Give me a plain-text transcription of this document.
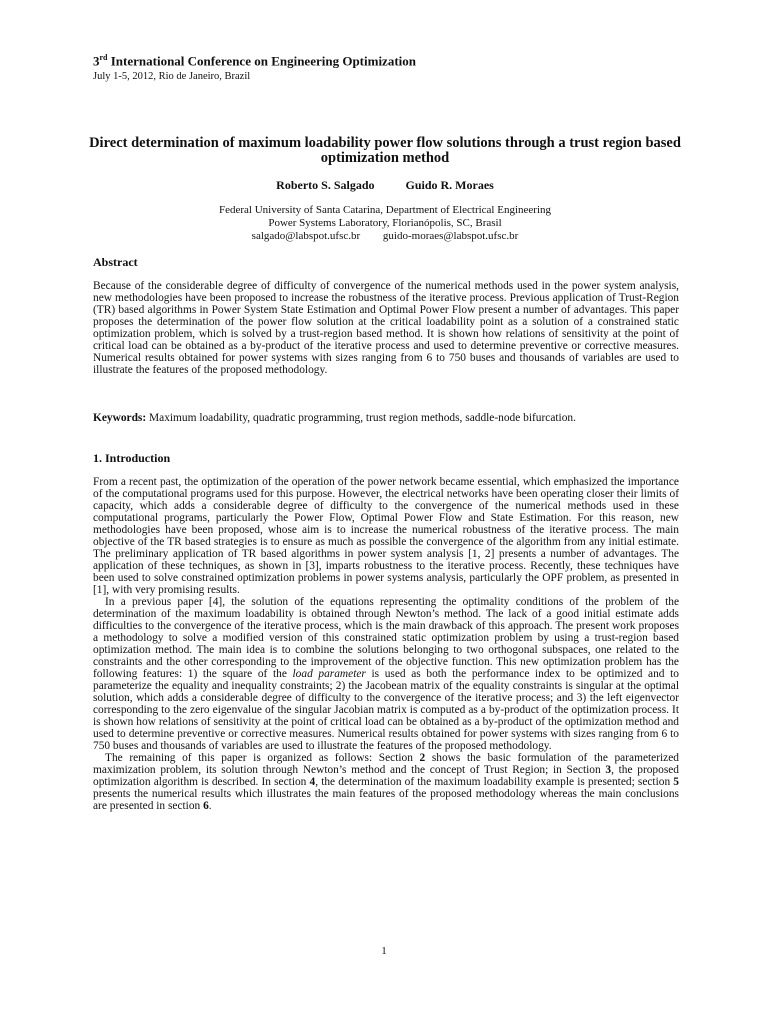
3rd International Conference on Engineering Optimization
July 1-5, 2012, Rio de Janeiro, Brazil
Direct determination of maximum loadability power flow solutions through a trust region based optimization method
Roberto S. Salgado	Guido R. Moraes
Federal University of Santa Catarina, Department of Electrical Engineering
Power Systems Laboratory, Florianópolis, SC, Brasil
salgado@labspot.ufsc.br guido-moraes@labspot.ufsc.br
Abstract
Because of the considerable degree of difficulty of convergence of the numerical methods used in the power system analysis, new methodologies have been proposed to increase the robustness of the iterative process. Previous application of Trust-Region (TR) based algorithms in Power System State Estimation and Optimal Power Flow present a number of advantages. This paper proposes the determination of the power flow solution at the critical loadability point as a solution of a constrained static optimization problem, which is solved by a trust-region based method. It is shown how relations of sensitivity at the point of critical load can be obtained as a by-product of the iterative process and used to determine preventive or corrective measures. Numerical results obtained for power systems with sizes ranging from 6 to 750 buses and thousands of variables are used to illustrate the features of the proposed methodology.
Keywords: Maximum loadability, quadratic programming, trust region methods, saddle-node bifurcation.
1. Introduction

From a recent past, the optimization of the operation of the power network became essential, which emphasized the importance of the computational programs used for this purpose. However, the electrical networks have been operating closer their limits of capacity, which adds a considerable degree of difficulty to the convergence of the numerical methods used in these computational programs, particularly the Power Flow, Optimal Power Flow and State Estimation. For this reason, new methodologies have been proposed, whose aim is to increase the numerical robustness of the iterative process. The main objective of the TR based strategies is to ensure as much as possible the convergence of the algorithm from any initial estimate. The preliminary application of TR based algorithms in power system analysis [1, 2] presents a number of advantages. The application of these techniques, as shown in [3], imparts robustness to the iterative process. Recently, these techniques have been used to solve constrained optimization problems in power systems analysis, particularly the OPF problem, as presented in [1], with very promising results.

In a previous paper [4], the solution of the equations representing the optimality conditions of the problem of the determination of the maximum loadability is obtained through Newton’s method. The lack of a good initial estimate adds difficulties to the convergence of the iterative process, which is the main drawback of this approach. The present work proposes a methodology to solve a modified version of this constrained static optimization problem by using a trust-region based optimization method. The main idea is to combine the solutions belonging to two orthogonal subspaces, one related to the constraints and the other corresponding to the improvement of the objective function. This new optimization problem has the following features: 1) the square of the load parameter is used as both the performance index to be optimized and to parameterize the equality and inequality constraints; 2) the Jacobean matrix of the equality constraints is singular at the optimal solution, which adds a considerable degree of difficulty to the convergence of the iterative process; and 3) the left eigenvector corresponding to the zero eigenvalue of the singular Jacobian matrix is computed as a by-product of the optimization process. It is shown how relations of sensitivity at the point of critical load can be obtained as a by-product of the optimization method and used to determine preventive or corrective measures. Numerical results obtained for power systems with sizes ranging from 6 to 750 buses and thousands of variables are used to illustrate the features of the proposed methodology.

The remaining of this paper is organized as follows: Section 2 shows the basic formulation of the parameterized maximization problem, its solution through Newton’s method and the concept of Trust Region; in Section 3, the proposed optimization algorithm is described. In section 4, the determination of the maximum loadability example is presented; section 5 presents the numerical results which illustrates the main features of the proposed methodology whereas the main conclusions are presented in section 6.

1
